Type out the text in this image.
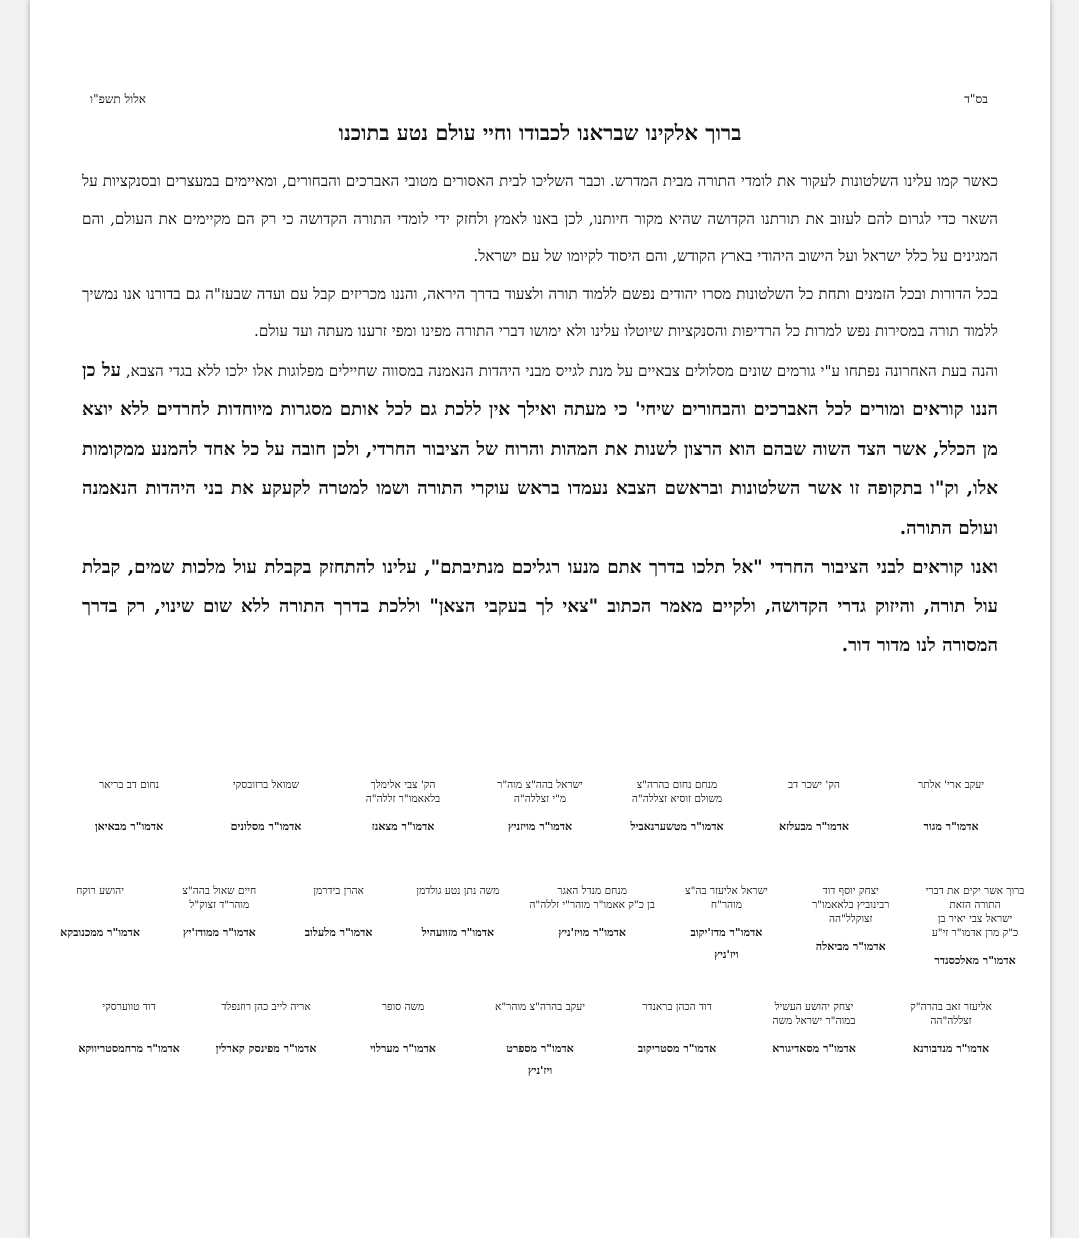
בס"ד
אלול תשפ"ו
ברוך אלקינו שבראנו לכבודו וחיי עולם נטע בתוכנו

כאשר קמו עלינו השלטונות לעקור את לומדי התורה מבית המדרש. וכבר השליכו לבית האסורים מטובי האברכים והבחורים, ומאיימים במעצרים ובסנקציות על השאר כדי לגרום להם לעזוב את תורתנו הקדושה שהיא מקור חיותנו, לכן באנו לאמץ ולחזק ידי לומדי התורה הקדושה כי רק הם מקיימים את העולם, והם המגינים על כלל ישראל ועל הישוב היהודי בארץ הקודש, והם היסוד לקיומו של עם ישראל.

בכל הדורות ובכל הזמנים ותחת כל השלטונות מסרו יהודים נפשם ללמוד תורה ולצעוד בדרך היראה, והננו מכריזים קבל עם ועדה שבעז"ה גם בדורנו אנו נמשיך ללמוד תורה במסירות נפש למרות כל הרדיפות והסנקציות שיוטלו עלינו ולא ימושו דברי התורה מפינו ומפי זרענו מעתה ועד עולם.

והנה בעת האחרונה נפתחו ע"י גורמים שונים מסלולים צבאיים על מנת לגייס מבני היהדות הנאמנה במסווה שחיילים מפלוגות אלו ילכו ללא בגדי הצבא, על כן הננו קוראים ומורים לכל האברכים והבחורים שיחי' כי מעתה ואילך אין ללכת גם לכל אותם מסגרות מיוחדות לחרדים ללא יוצא מן הכלל, אשר הצד השוה שבהם הוא הרצון לשנות את המהות והרוח של הציבור החרדי, ולכן חובה על כל אחד להמנע ממקומות אלו, וק"ו בתקופה זו אשר השלטונות ובראשם הצבא נעמדו בראש עוקרי התורה ושמו למטרה לקעקע את בני היהדות הנאמנה ועולם התורה.

ואנו קוראים לבני הציבור החרדי "אל תלכו בדרך אתם מנעו רגליכם מנתיבתם", עלינו להתחזק בקבלת עול מלכות שמים, קבלת עול תורה, והיזוק גדרי הקדושה, ולקיים מאמר הכתוב "צאי לך בעקבי הצאן" וללכת בדרך התורה ללא שום שינוי, רק בדרך המסורה לנו מדור דור.

יעקב ארי' אלתר
אדמו"ר מגור
הק' ישכר דב
אדמו"ר מבעלזא
מנחם נחום בהרה"צ
משולם זוסיא זצללה"ה
אדמו"ר מטשערנאביל
ישראל בהה"צ מוה"ר
מ"י זצללה"ה
אדמו"ר מויזניץ
הק' צבי אלימלך
בלאאמו"ר זללה"ה
אדמו"ר מצאנז
שמואל ברזובסקי
אדמו"ר מסלונים
נחום דב בריאר
אדמו"ר מבאיאן
ברוך אשר יקים את דברי
התורה הזאת
ישראל צבי יאיר בן
כ"ק מרן אדמו"ר זי"ע
אדמו"ר מאלכסנדר
יצחק יוסף דוד
רבינוביץ בלאאמו"ר
זצוקלל"הה
אדמו"ר מביאלה
ישראל אליעזר בה"צ
מוהר"ח
אדמו"ר מדז'יקוב
ויז'ניץ
מנחם מנדל האגר
בן כ"ק אאמו"ר מוהר"י זללה"ה
אדמו"ר מויז'ניץ
משה נתן נטע גולדמן
אדמו"ר מזוועהיל
אהרן בידרמן
אדמו"ר מלעלוב
חיים שאול בהה"צ
מוהר"ד זצוק"ל
אדמו"ר ממודז'יץ
יהושע רוקח
אדמו"ר ממכנובקא
אליעזר זאב בהרה"ק
זצללה"הה
אדמו"ר מנדבורנא
יצחק יהושע העשיל
במוה"ר ישראל משה
אדמו"ר מסאדיגורא
דוד הכהן בראנדר
אדמו"ר מסטריקוב
יעקב בהרה"צ מוהר"א
אדמו"ר מספרט
ויז'ניץ
משה סופר
אדמו"ר מערלוי
אריה לייב כהן רוזנפלד
אדמו"ר מפינסק קארלין
דוד טווערסקי
אדמו"ר מרחמסטריווקא
